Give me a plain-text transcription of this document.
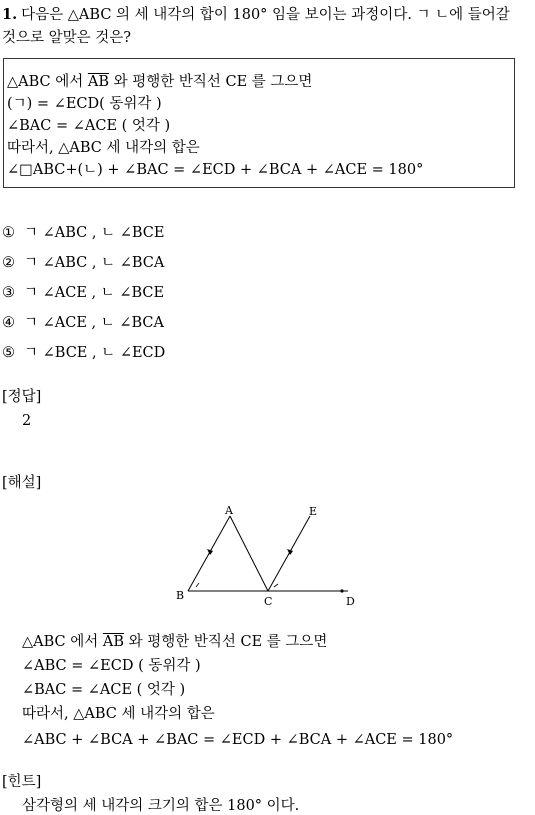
1. 다음은 △ABC 의 세 내각의 합이 180° 임을 보이는 과정이다. ㄱ ㄴ에 들어갈
것으로 알맞은 것은?
△ABC 에서 $\overline{AB}$ 와 평행한 반직선 CE 를 그으면
(ㄱ) = ∠ECD( 동위각 )
∠BAC = ∠ACE ( 엇각 )
따라서, △ABC 세 내각의 합은
∠□ABC+(ㄴ) + ∠BAC = ∠ECD + ∠BCA + ∠ACE = 180°
① ㄱ ∠ABC , ㄴ ∠BCE
② ㄱ ∠ABC , ㄴ ∠BCA
③ ㄱ ∠ACE , ㄴ ∠BCE
④ ㄱ ∠ACE , ㄴ ∠BCA
⑤ ㄱ ∠BCE , ㄴ ∠ECD
[정답]
2
[해설]
A
B	C	D
E
△ABC 에서 $\overline{AB}$ 와 평행한 반직선 CE 를 그으면
∠ABC = ∠ECD ( 동위각 )
∠BAC = ∠ACE ( 엇각 )
따라서, △ABC 세 내각의 합은
∠ABC + ∠BCA + ∠BAC = ∠ECD + ∠BCA + ∠ACE = 180°
[힌트]
삼각형의 세 내각의 크기의 합은 180° 이다.
